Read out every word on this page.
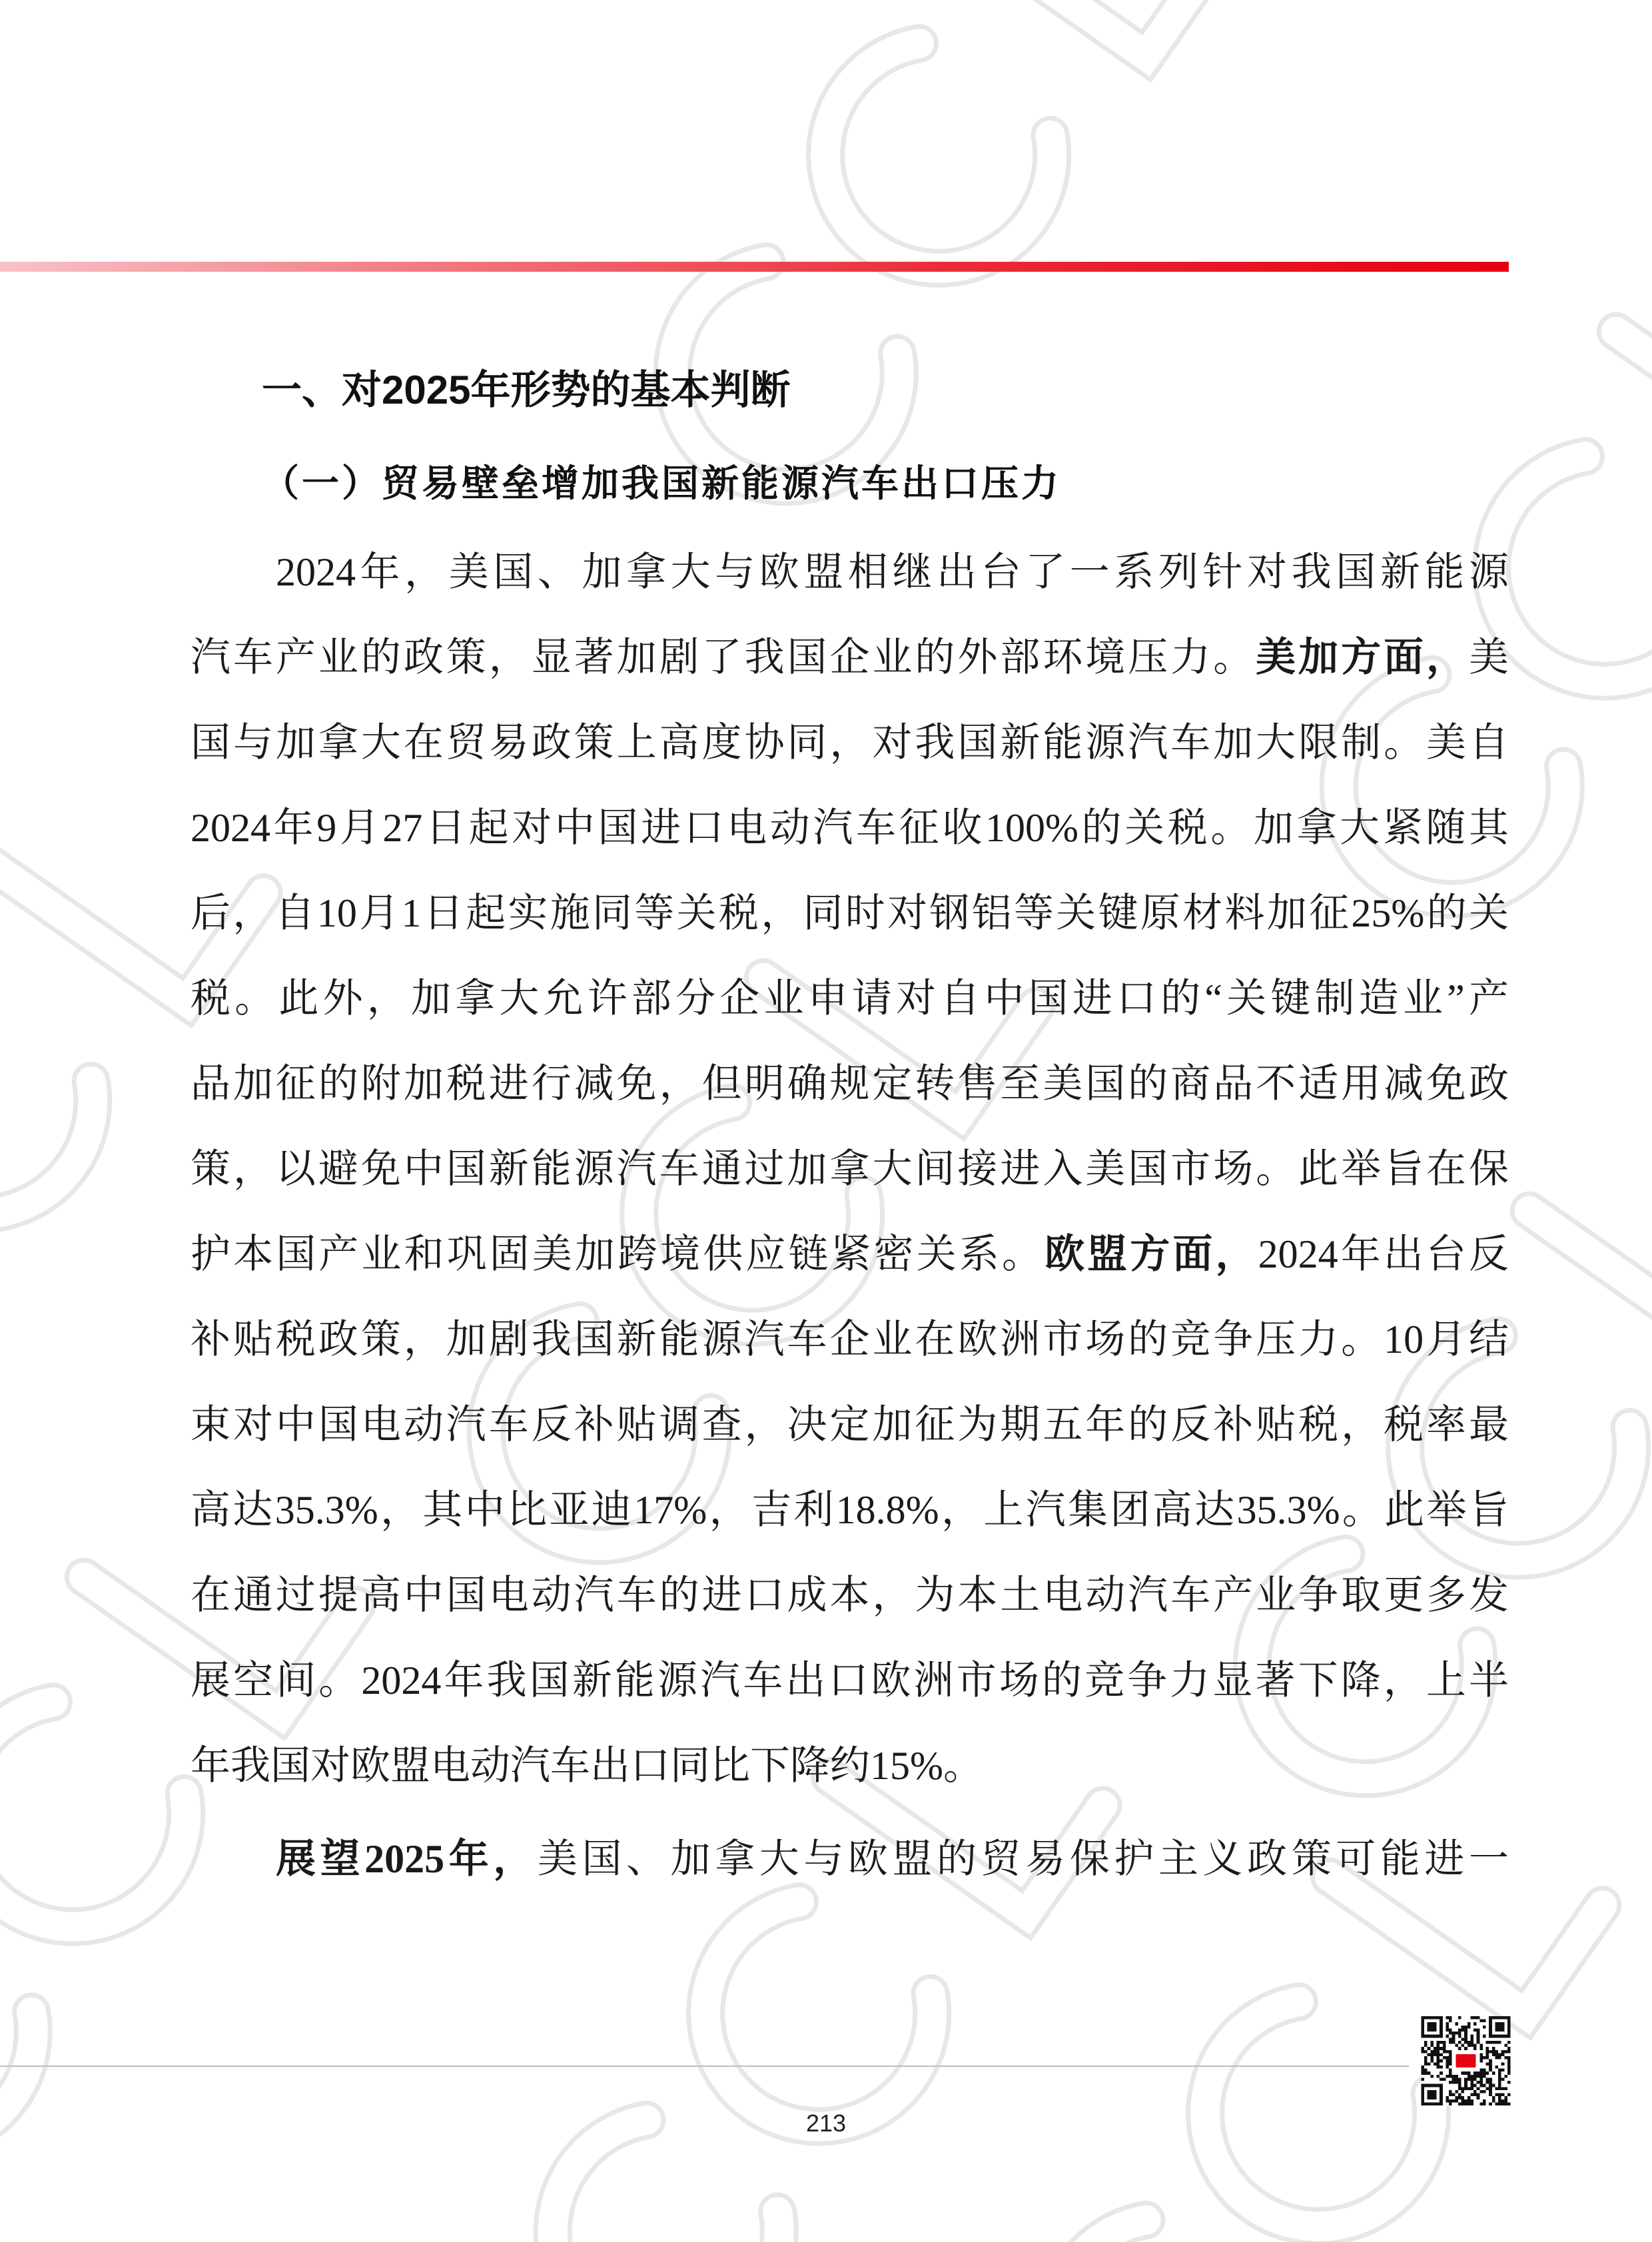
一、对2025年形势的基本判断
（一）贸易壁垒增加我国新能源汽车出口压力
2024年，美国、加拿大与欧盟相继出台了一系列针对我国新能源
汽车产业的政策，显著加剧了我国企业的外部环境压力。美加方面，美
国与加拿大在贸易政策上高度协同，对我国新能源汽车加大限制。美自
2024年9月27日起对中国进口电动汽车征收100%的关税。加拿大紧随其
后，自10月1日起实施同等关税，同时对钢铝等关键原材料加征25%的关
税。此外，加拿大允许部分企业申请对自中国进口的“关键制造业”产
品加征的附加税进行减免，但明确规定转售至美国的商品不适用减免政
策，以避免中国新能源汽车通过加拿大间接进入美国市场。此举旨在保
护本国产业和巩固美加跨境供应链紧密关系。欧盟方面，2024年出台反
补贴税政策，加剧我国新能源汽车企业在欧洲市场的竞争压力。10月结
束对中国电动汽车反补贴调查，决定加征为期五年的反补贴税，税率最
高达35.3%，其中比亚迪17%，吉利18.8%，上汽集团高达35.3%。此举旨
在通过提高中国电动汽车的进口成本，为本土电动汽车产业争取更多发
展空间。2024年我国新能源汽车出口欧洲市场的竞争力显著下降，上半
年我国对欧盟电动汽车出口同比下降约15%。
展望2025年，美国、加拿大与欧盟的贸易保护主义政策可能进一
213
